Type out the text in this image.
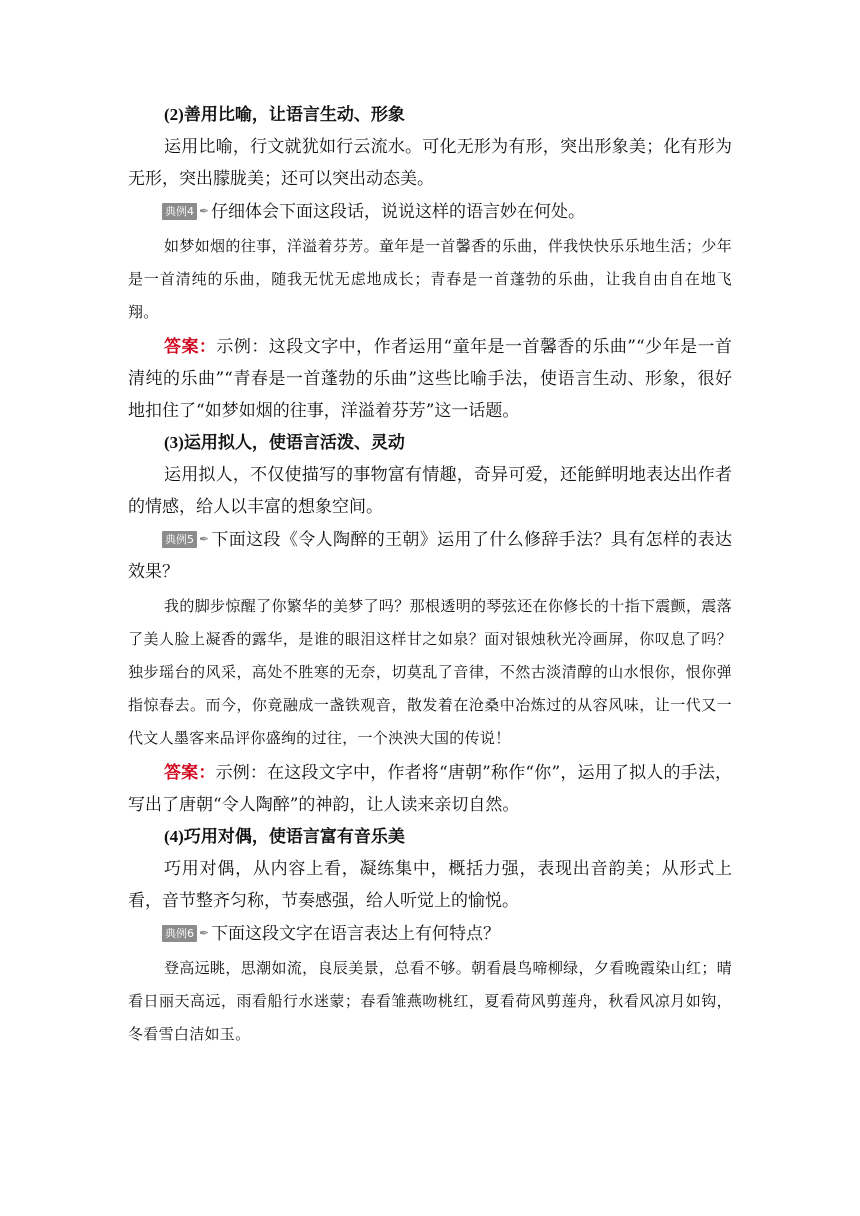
(2)善用比喻，让语言生动、形象

运用比喻，行文就犹如行云流水。可化无形为有形，突出形象美；化有形为无形，突出朦胧美；还可以突出动态美。

典例4 ✒ 仔细体会下面这段话，说说这样的语言妙在何处。

如梦如烟的往事，洋溢着芬芳。童年是一首馨香的乐曲，伴我快快乐乐地生活；少年是一首清纯的乐曲，随我无忧无虑地成长；青春是一首蓬勃的乐曲，让我自由自在地飞翔。

答案：示例：这段文字中，作者运用“童年是一首馨香的乐曲”“少年是一首清纯的乐曲”“青春是一首蓬勃的乐曲”这些比喻手法，使语言生动、形象，很好地扣住了“如梦如烟的往事，洋溢着芬芳”这一话题。

(3)运用拟人，使语言活泼、灵动

运用拟人，不仅使描写的事物富有情趣，奇异可爱，还能鲜明地表达出作者的情感，给人以丰富的想象空间。

典例5 ✒ 下面这段《令人陶醉的王朝》运用了什么修辞手法？具有怎样的表达效果？

我的脚步惊醒了你繁华的美梦了吗？那根透明的琴弦还在你修长的十指下震颤，震落了美人脸上凝香的露华，是谁的眼泪这样甘之如泉？面对银烛秋光冷画屏，你叹息了吗？独步瑶台的风采，高处不胜寒的无奈，切莫乱了音律，不然古淡清醇的山水恨你，恨你弹指惊春去。而今，你竟融成一盏铁观音，散发着在沧桑中冶炼过的从容风味，让一代又一代文人墨客来品评你盛绚的过往，一个泱泱大国的传说！

答案：示例：在这段文字中，作者将“唐朝”称作“你”，运用了拟人的手法，写出了唐朝“令人陶醉”的神韵，让人读来亲切自然。

(4)巧用对偶，使语言富有音乐美

巧用对偶，从内容上看，凝练集中，概括力强，表现出音韵美；从形式上看，音节整齐匀称，节奏感强，给人听觉上的愉悦。

典例6 ✒ 下面这段文字在语言表达上有何特点？

登高远眺，思潮如流，良辰美景，总看不够。朝看晨鸟啼柳绿，夕看晚霞染山红；晴看日丽天高远，雨看船行水迷蒙；春看雏燕吻桃红，夏看荷风剪莲舟，秋看风凉月如钩，冬看雪白洁如玉。
